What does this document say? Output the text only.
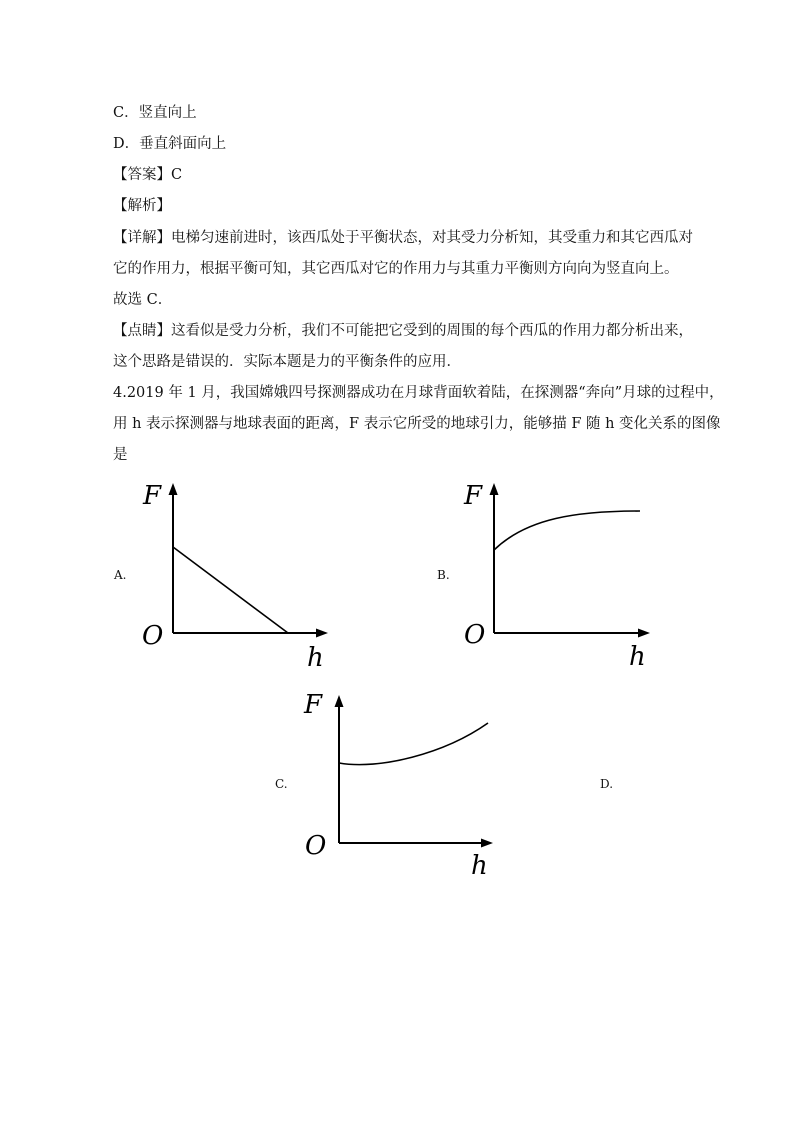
C．竖直向上
D．垂直斜面向上
【答案】C
【解析】
【详解】电梯匀速前进时，该西瓜处于平衡状态，对其受力分析知，其受重力和其它西瓜对
它的作用力，根据平衡可知，其它西瓜对它的作用力与其重力平衡则方向向为竖直向上。
故选 C．
【点睛】这看似是受力分析，我们不可能把它受到的周围的每个西瓜的作用力都分析出来，
这个思路是错误的．实际本题是力的平衡条件的应用．
4.2019 年 1 月，我国嫦娥四号探测器成功在月球背面软着陆，在探测器“奔向”月球的过程中，
用 h 表示探测器与地球表面的距离，F 表示它所受的地球引力，能够描 F 随 h 变化关系的图像
是
A.	B.
C.	D.
F
O
h
F
O
h
F
O
h
